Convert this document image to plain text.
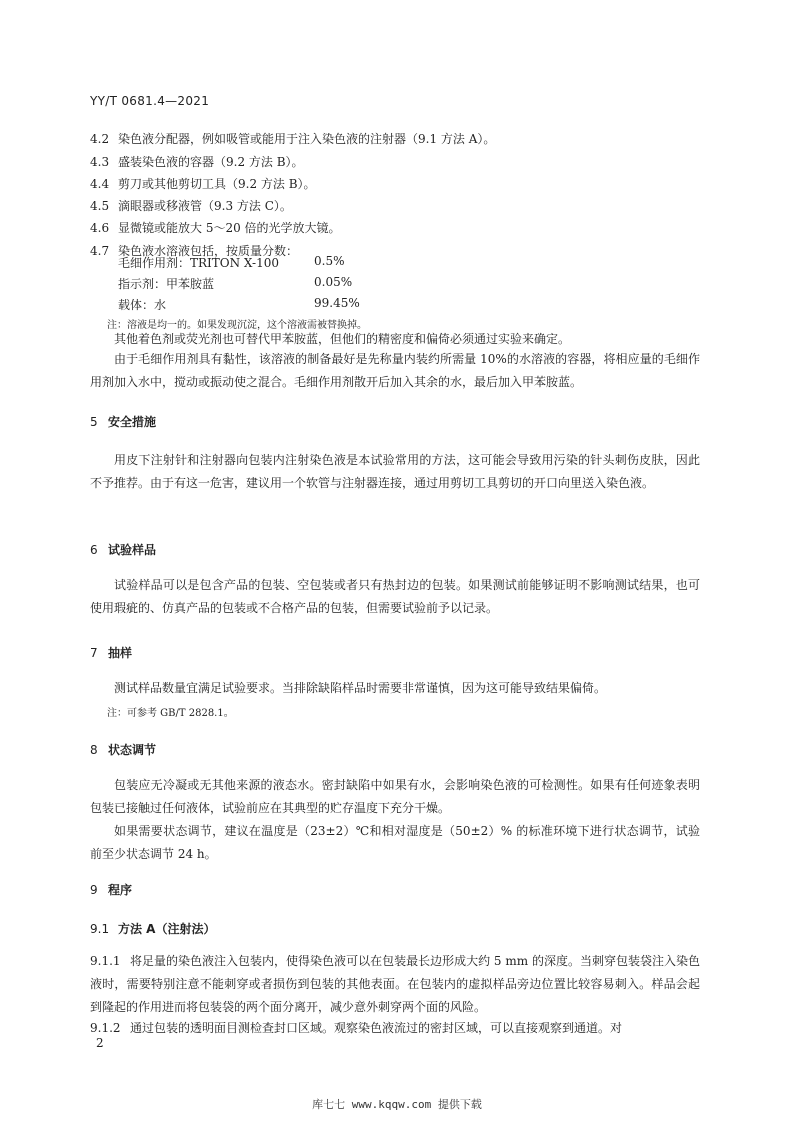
YY/T 0681.4—2021
4.2 染色液分配器，例如吸管或能用于注入染色液的注射器（9.1 方法 A）。
4.3 盛装染色液的容器（9.2 方法 B）。
4.4 剪刀或其他剪切工具（9.2 方法 B）。
4.5 滴眼器或移液管（9.3 方法 C）。
4.6 显微镜或能放大 5～20 倍的光学放大镜。
4.7 染色液水溶液包括，按质量分数：
毛细作用剂：TRITON X-100	0.5%
指示剂：甲苯胺蓝	0.05%
载体：水	99.45%
注：溶液是均一的。如果发现沉淀，这个溶液需被替换掉。
其他着色剂或荧光剂也可替代甲苯胺蓝，但他们的精密度和偏倚必须通过实验来确定。
由于毛细作用剂具有黏性，该溶液的制备最好是先称量内装约所需量 10%的水溶液的容器，将相应量的毛细作用剂加入水中，搅动或振动使之混合。毛细作用剂散开后加入其余的水，最后加入甲苯胺蓝。
5 安全措施
用皮下注射针和注射器向包装内注射染色液是本试验常用的方法，这可能会导致用污染的针头刺伤皮肤，因此不予推荐。由于有这一危害，建议用一个软管与注射器连接，通过用剪切工具剪切的开口向里送入染色液。
6 试验样品
试验样品可以是包含产品的包装、空包装或者只有热封边的包装。如果测试前能够证明不影响测试结果，也可使用瑕疵的、仿真产品的包装或不合格产品的包装，但需要试验前予以记录。
7 抽样
测试样品数量宜满足试验要求。当排除缺陷样品时需要非常谨慎，因为这可能导致结果偏倚。
注：可参考 GB/T 2828.1。
8 状态调节
包装应无冷凝或无其他来源的液态水。密封缺陷中如果有水，会影响染色液的可检测性。如果有任何迹象表明包装已接触过任何液体，试验前应在其典型的贮存温度下充分干燥。
如果需要状态调节，建议在温度是（23±2）℃和相对湿度是（50±2）% 的标准环境下进行状态调节，试验前至少状态调节 24 h。
9 程序
9.1 方法 A（注射法）
9.1.1 将足量的染色液注入包装内，使得染色液可以在包装最长边形成大约 5 mm 的深度。当刺穿包装袋注入染色液时，需要特别注意不能刺穿或者损伤到包装的其他表面。在包装内的虚拟样品旁边位置比较容易刺入。样品会起到隆起的作用进而将包装袋的两个面分离开，减少意外刺穿两个面的风险。
9.1.2 通过包装的透明面目测检查封口区域。观察染色液流过的密封区域，可以直接观察到通道。对
2
库七七 www.kqqw.com 提供下载
